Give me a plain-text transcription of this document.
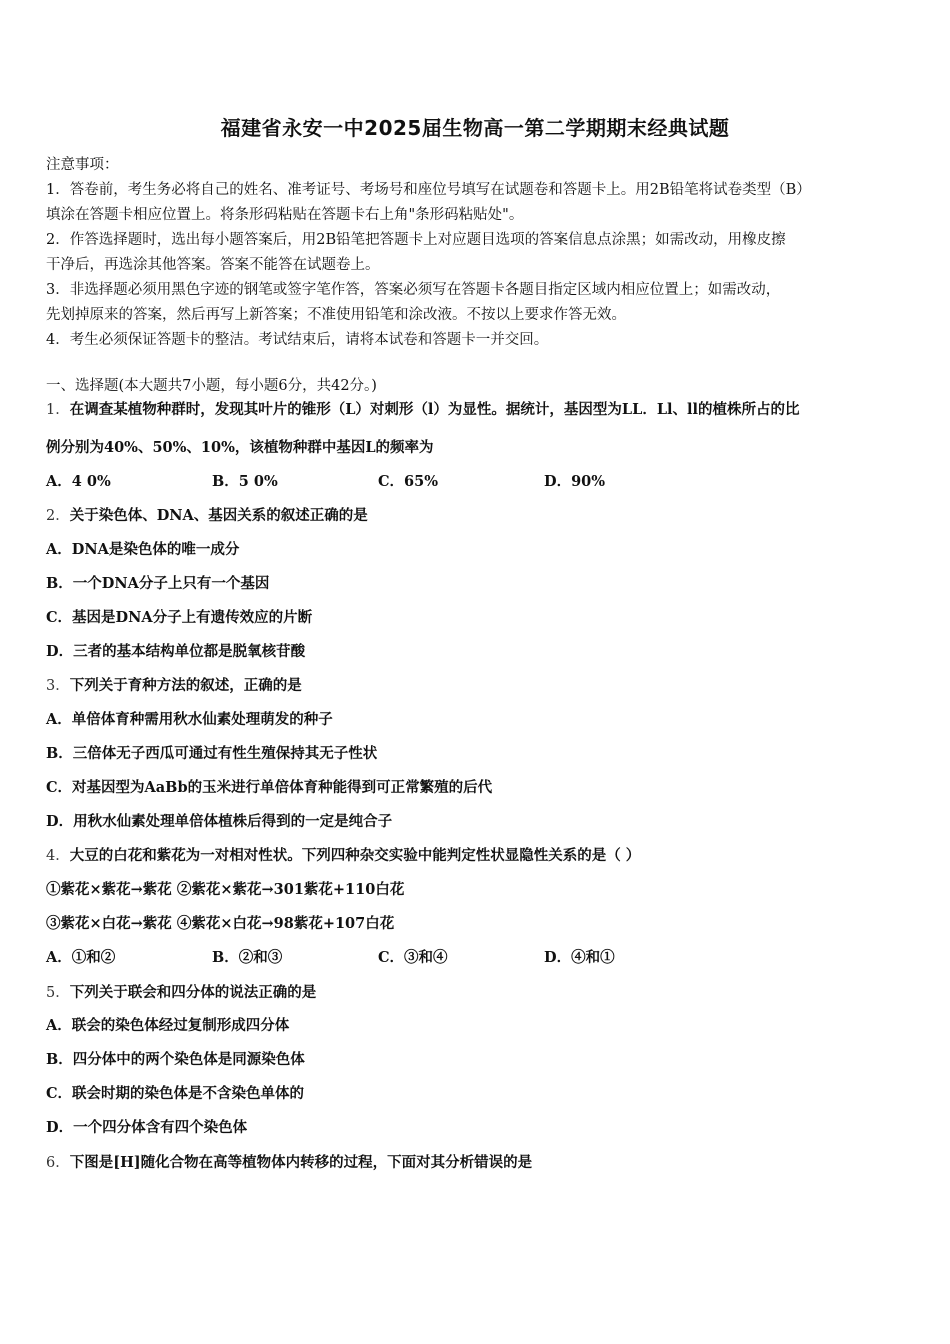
福建省永安一中2025届生物高一第二学期期末经典试题

注意事项：

1．答卷前，考生务必将自己的姓名、准考证号、考场号和座位号填写在试题卷和答题卡上。用2B铅笔将试卷类型（B）

填涂在答题卡相应位置上。将条形码粘贴在答题卡右上角"条形码粘贴处"。

2．作答选择题时，选出每小题答案后，用2B铅笔把答题卡上对应题目选项的答案信息点涂黑；如需改动，用橡皮擦

干净后，再选涂其他答案。答案不能答在试题卷上。

3．非选择题必须用黑色字迹的钢笔或签字笔作答，答案必须写在答题卡各题目指定区域内相应位置上；如需改动，

先划掉原来的答案，然后再写上新答案；不准使用铅笔和涂改液。不按以上要求作答无效。

4．考生必须保证答题卡的整洁。考试结束后，请将本试卷和答题卡一并交回。

一、选择题(本大题共7小题，每小题6分，共42分。)
1．在调查某植物种群时，发现其叶片的锥形（L）对刺形（l）为显性。据统计，基因型为LL．Ll、ll的植株所占的比
例分别为40%、50%、10%，该植物种群中基因L的频率为
A．4 0%	B．5 0%	C．65%	D．90%
2．关于染色体、DNA、基因关系的叙述正确的是
A．DNA是染色体的唯一成分
B．一个DNA分子上只有一个基因
C．基因是DNA分子上有遗传效应的片断
D．三者的基本结构单位都是脱氧核苷酸
3．下列关于育种方法的叙述，正确的是
A．单倍体育种需用秋水仙素处理萌发的种子
B．三倍体无子西瓜可通过有性生殖保持其无子性状
C．对基因型为AaBb的玉米进行单倍体育种能得到可正常繁殖的后代
D．用秋水仙素处理单倍体植株后得到的一定是纯合子
4．大豆的白花和紫花为一对相对性状。下列四种杂交实验中能判定性状显隐性关系的是（ ）
①紫花×紫花→紫花 ②紫花×紫花→301紫花+110白花
③紫花×白花→紫花 ④紫花×白花→98紫花+107白花
A．①和②	B．②和③	C．③和④	D．④和①
5．下列关于联会和四分体的说法正确的是
A．联会的染色体经过复制形成四分体
B．四分体中的两个染色体是同源染色体
C．联会时期的染色体是不含染色单体的
D．一个四分体含有四个染色体
6．下图是[H]随化合物在高等植物体内转移的过程，下面对其分析错误的是
